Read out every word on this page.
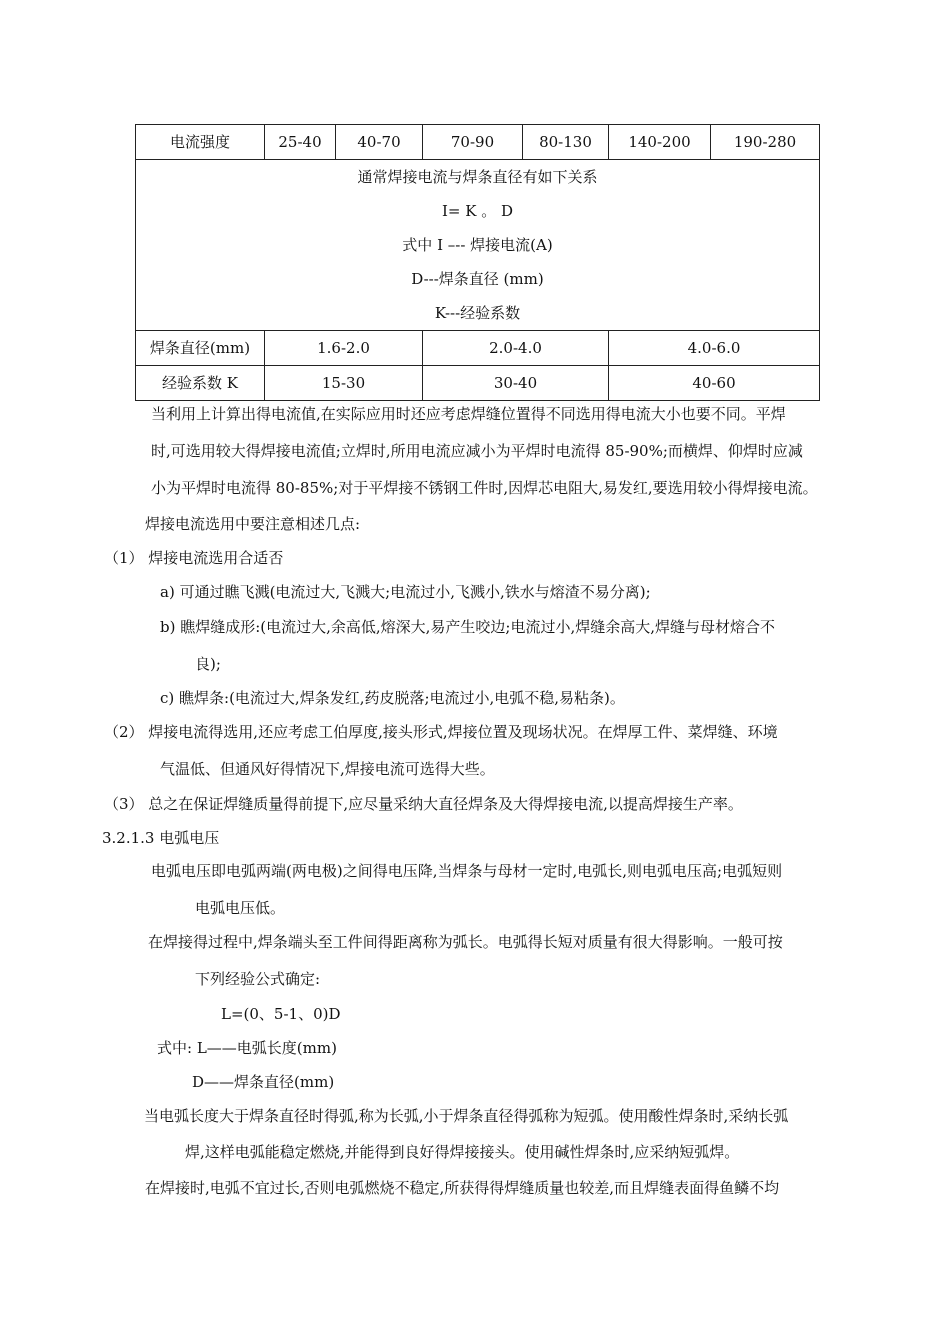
电流强度	25-40	40-70	70-90	80-130	140-200	190-280

通常焊接电流与焊条直径有如下关系
I= K 。 D
式中 I –-- 焊接电流(A)
D---焊条直径 (mm)
K---经验系数						

焊条直径(mm)	1.6-2.0		2.0-4.0		4.0-6.0	
经验系数 K	15-30		30-40		40-60	
当利用上计算出得电流值,在实际应用时还应考虑焊缝位置得不同选用得电流大小也要不同。平焊
时,可选用较大得焊接电流值;立焊时,所用电流应减小为平焊时电流得 85-90%;而横焊、仰焊时应减
小为平焊时电流得 80-85%;对于平焊接不锈钢工件时,因焊芯电阻大,易发红,要选用较小得焊接电流。
焊接电流选用中要注意相述几点:
（1） 焊接电流选用合适否
a) 可通过瞧飞溅(电流过大,飞溅大;电流过小,飞溅小,铁水与熔渣不易分离);
b) 瞧焊缝成形:(电流过大,余高低,熔深大,易产生咬边;电流过小,焊缝余高大,焊缝与母材熔合不
良);
c) 瞧焊条:(电流过大,焊条发红,药皮脱落;电流过小,电弧不稳,易粘条)。
（2） 焊接电流得选用,还应考虑工伯厚度,接头形式,焊接位置及现场状况。在焊厚工件、菜焊缝、环境
气温低、但通风好得情况下,焊接电流可选得大些。
（3） 总之在保证焊缝质量得前提下,应尽量采纳大直径焊条及大得焊接电流,以提高焊接生产率。
3.2.1.3 电弧电压
电弧电压即电弧两端(两电极)之间得电压降,当焊条与母材一定时,电弧长,则电弧电压高;电弧短则
电弧电压低。
在焊接得过程中,焊条端头至工件间得距离称为弧长。电弧得长短对质量有很大得影响。一般可按
下列经验公式确定:
L=(0、5-1、0)D
式中: L——电弧长度(mm)
D——焊条直径(mm)
当电弧长度大于焊条直径时得弧,称为长弧,小于焊条直径得弧称为短弧。使用酸性焊条时,采纳长弧
焊,这样电弧能稳定燃烧,并能得到良好得焊接接头。使用碱性焊条时,应采纳短弧焊。
在焊接时,电弧不宜过长,否则电弧燃烧不稳定,所获得得焊缝质量也较差,而且焊缝表面得鱼鳞不均
